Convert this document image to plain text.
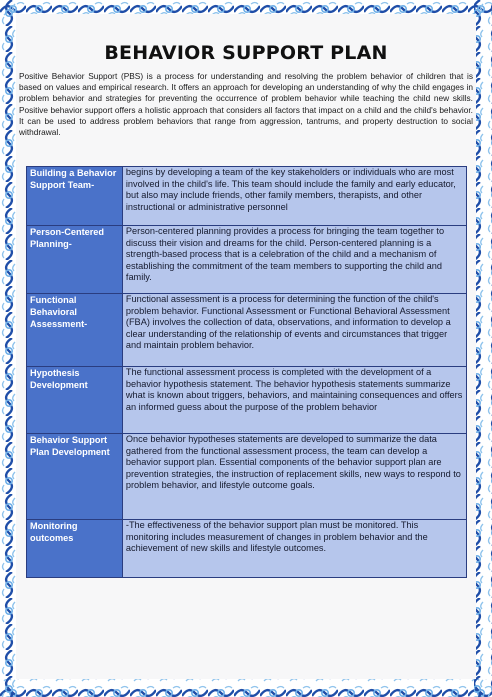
BEHAVIOR SUPPORT PLAN

Positive Behavior Support (PBS) is a process for understanding and resolving the problem behavior of children that is based on values and empirical research. It offers an approach for developing an understanding of why the child engages in problem behavior and strategies for preventing the occurrence of problem behavior while teaching the child new skills. Positive behavior support offers a holistic approach that considers all factors that impact on a child and the child's behavior. It can be used to address problem behaviors that range from aggression, tantrums, and property destruction to social withdrawal.

Building a Behavior Support Team-	begins by developing a team of the key stakeholders or individuals who are most involved in the child's life. This team should include the family and early educator, but also may include friends, other family members, therapists, and other instructional or administrative personnel
Person-Centered Planning-	Person-centered planning provides a process for bringing the team together to discuss their vision and dreams for the child. Person-centered planning is a strength-based process that is a celebration of the child and a mechanism of establishing the commitment of the team members to supporting the child and family.
Functional Behavioral Assessment-	Functional assessment is a process for determining the function of the child's problem behavior. Functional Assessment or Functional Behavioral Assessment (FBA) involves the collection of data, observations, and information to develop a clear understanding of the relationship of events and circumstances that trigger and maintain problem behavior.
Hypothesis Development	The functional assessment process is completed with the development of a behavior hypothesis statement. The behavior hypothesis statements summarize what is known about triggers, behaviors, and maintaining consequences and offers an informed guess about the purpose of the problem behavior
Behavior Support Plan Development	Once behavior hypotheses statements are developed to summarize the data gathered from the functional assessment process, the team can develop a behavior support plan. Essential components of the behavior support plan are prevention strategies, the instruction of replacement skills, new ways to respond to problem behavior, and lifestyle outcome goals.
Monitoring outcomes	-The effectiveness of the behavior support plan must be monitored. This monitoring includes measurement of changes in problem behavior and the achievement of new skills and lifestyle outcomes.
